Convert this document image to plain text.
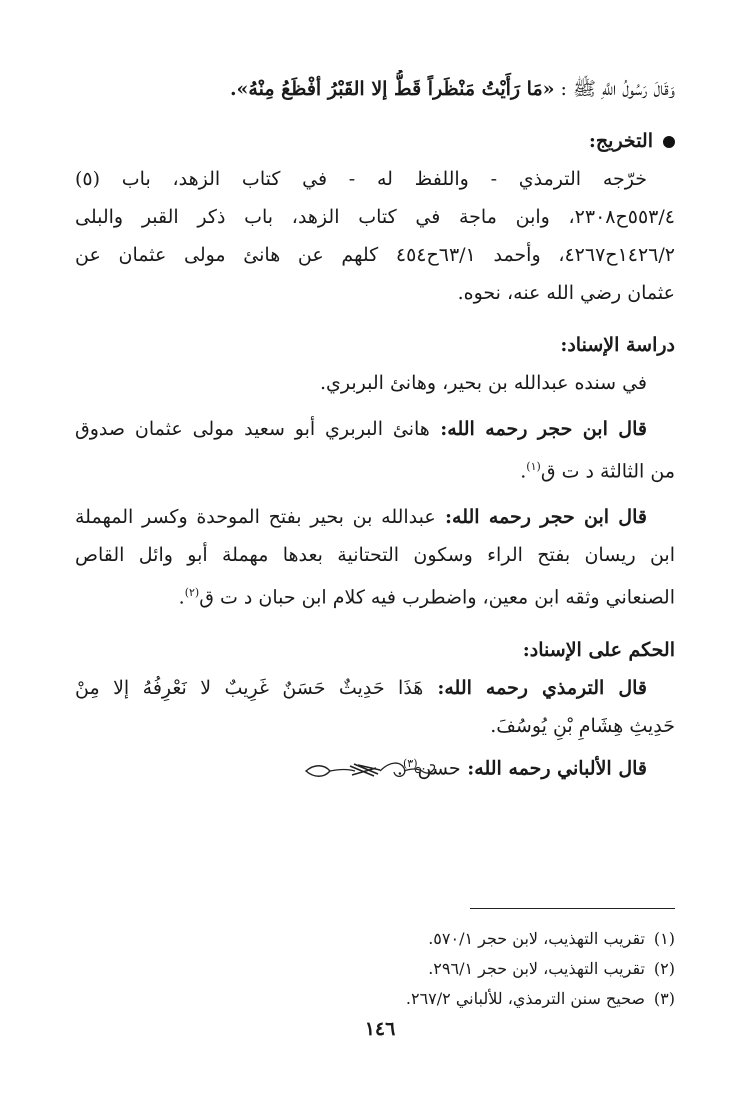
وَقَالَ رَسُولُ اللَّهِ ﷺ : «مَا رَأَيْتُ مَنْظَراً قَطُّ إلا القَبْرُ أفْظَعُ مِنْهُ».
التخريج:
خرّجه الترمذي - واللفظ له - في كتاب الزهد، باب (٥)
٥٥٣/٤ح٢٣٠٨، وابن ماجة في كتاب الزهد، باب ذكر القبر والبلى
١٤٢٦/٢ح٤٢٦٧، وأحمد ٦٣/١ح٤٥٤ كلهم عن هانئ مولى عثمان عن
عثمان رضي الله عنه، نحوه.
دراسة الإسناد:
في سنده عبدالله بن بحير، وهانئ البربري.
قال ابن حجر رحمه الله: هانئ البربري أبو سعيد مولى عثمان صدوق
من الثالثة د ت ق$^{(١)}$.
قال ابن حجر رحمه الله: عبدالله بن بحير بفتح الموحدة وكسر المهملة
ابن ريسان بفتح الراء وسكون التحتانية بعدها مهملة أبو وائل القاص
الصنعاني وثقه ابن معين، واضطرب فيه كلام ابن حبان د ت ق$^{(٢)}$.
الحكم على الإسناد:
قال الترمذي رحمه الله: هَذَا حَدِيثٌ حَسَنٌ غَرِيبٌ لا نَعْرِفُهُ إلا مِنْ
حَدِيثِ هِشَامِ بْنِ يُوسُفَ.
قال الألباني رحمه الله: حسن$^{(٣)}$.
(١)تقريب التهذيب، لابن حجر ٥٧٠/١.
(٢)تقريب التهذيب، لابن حجر ٢٩٦/١.
(٣)صحيح سنن الترمذي، للألباني ٢٦٧/٢.
١٤٦
